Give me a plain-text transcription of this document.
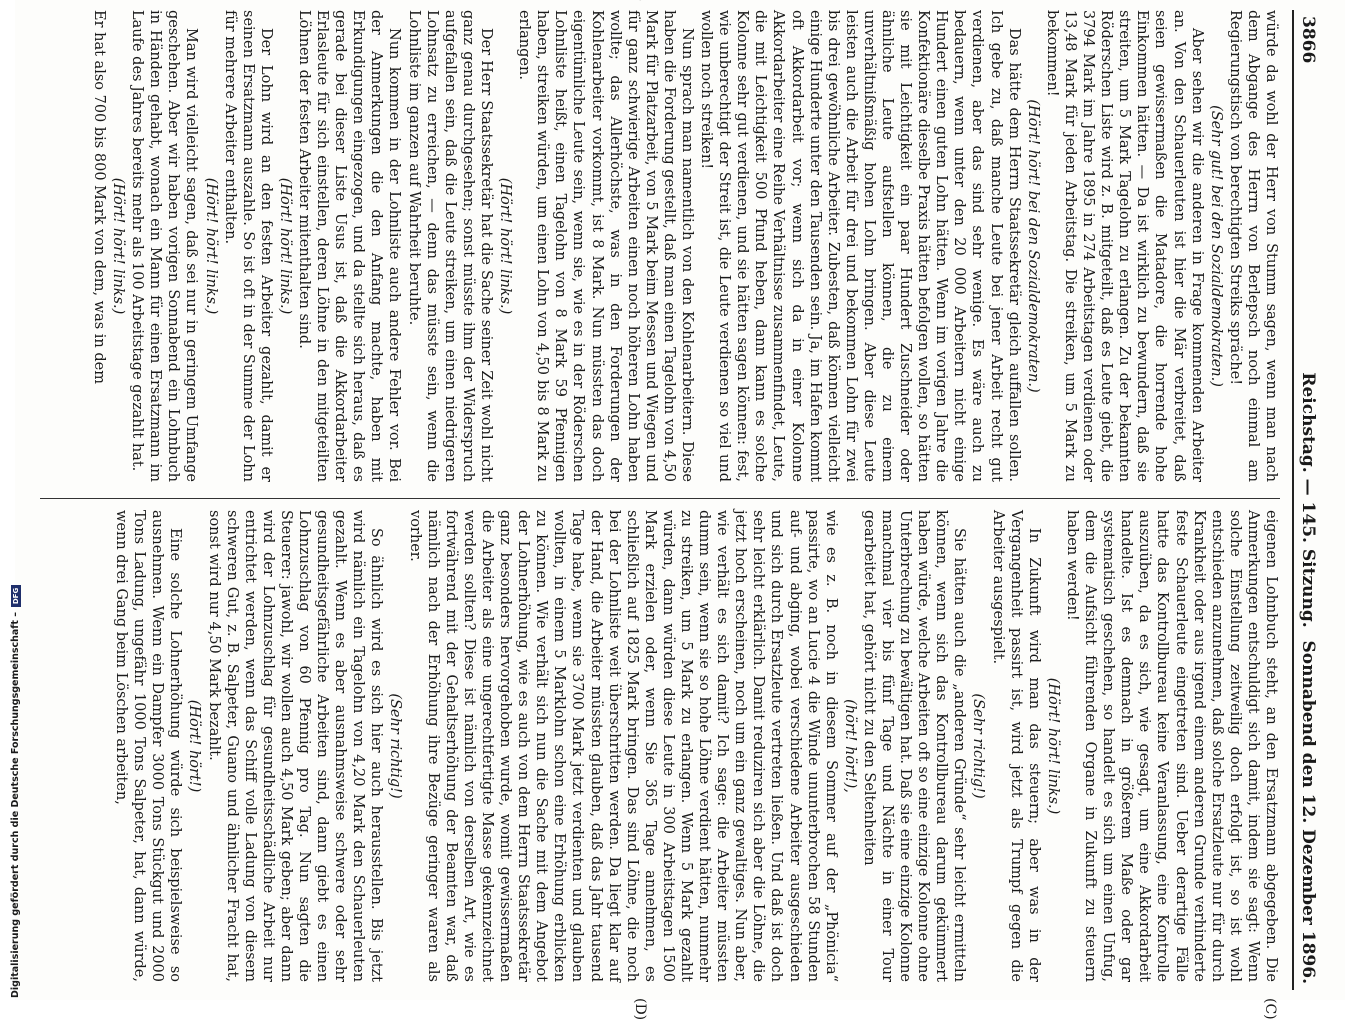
3866
Reichstag. — 145. Sitzung.
Sonnabend den 12. Dezember 1896.

würde da wohl der Herr von Stumm sagen, wenn man nach dem Abgange des Herrn von Berlepsch noch einmal am Regierungstisch von berechtigten Streiks spräche!

(Sehr gut! bei den Sozialdemokraten.)

Aber sehen wir die anderen in Frage kommenden Arbeiter an. Von den Schauerleuten ist hier die Mär verbreitet, daß seien gewissermaßen die Matadore, die horrende hohe Einkommen hätten. — Da ist wirklich zu bewundern, daß sie streiten, um 5 Mark Tagelohn zu erlangen. Zu der bekannten Röderschen Liste wird z. B. mitgeteilt, daß es Leute giebt, die 3794 Mark im Jahre 1895 in 274 Arbeitstagen verdienen oder 13,48 Mark für jeden Arbeitstag. Die streiken, um 5 Mark zu bekommen!

(Hört! hört! bei den Sozialdemokraten.)

Das hätte dem Herrn Staatssekretär gleich auffallen sollen. Ich gebe zu, daß manche Leute bei jener Arbeit recht gut verdienen, aber das sind sehr wenige. Es wäre auch zu bedauern, wenn unter den 20 000 Arbeitern nicht einige Hundert einen guten Lohn hätten. Wenn im vorigen Jahre die Konfektionäre dieselbe Praxis hätten befolgen wollen, so hätten sie mit Leichtigkeit ein paar Hundert Zuschneider oder ähnliche Leute aufstellen können, die zu einem unverhältnißmäßig hohen Lohn bringen. Aber diese Leute leisten auch die Arbeit für drei und bekommen Lohn für zwei bis drei gewöhnliche Arbeiter. Zubesten, daß können vielleicht einige Hunderte unter den Tausenden sein. Ja, im Hafen kommt oft Akkordarbeit vor; wenn sich da in einer Kolonne Akkordarbeiter eine Reihe Verhältnisse zusammenfindet, Leute, die mit Leichtigkeit 500 Pfund heben, dann kann es solche Kolonne sehr gut verdienen, und sie hätten sagen können: fest, wie unberechtigt der Streit ist, die Leute verdienen so viel und wollen noch streiken!

Nun sprach man namentlich von den Kohlenarbeitern. Diese haben die Forderung gestellt, daß man einen Tagelohn von 4,50 Mark für Platzarbeit, von 5 Mark beim Messen und Wiegen und für ganz schwierige Arbeiten einen noch höheren Lohn haben wollte; das Allerhöchste, was in den Forderungen der Kohlenarbeiter vorkommt, ist 8 Mark. Nun müssten das doch eigentümliche Leute sein, wenn sie, wie es in der Röderschen Lohnliste heißt, einen Tagelohn von 8 Mark 59 Pfennigen haben, streiken würden, um einen Lohn von 4,50 bis 8 Mark zu erlangen.

(Hört! hört! links.)

Der Herr Staatssekretär hat die Sache seiner Zeit wohl nicht ganz genau durchgesehen; sonst müsste ihm der Widerspruch aufgefallen sein, daß die Leute streiken, um einen niedrigeren Lohnsatz zu erreichen, — denn das müsste sein, wenn die Lohnliste im ganzen auf Wahrheit beruhte.

Nun kommen in der Lohnliste auch andere Fehler vor. Bei der Anmerkungen die den Anfang machte, haben mit Erkundigungen eingezogen, und da stellte sich heraus, daß es gerade bei dieser Liste Usus ist, daß die Akkordarbeiter Erlasleute für sich einstellen, deren Löhne in den mitgeteilten Löhnen der festen Arbeiter mitenthalten sind.

(Hört! hört! links.)

Der Lohn wird an den festen Arbeiter gezahlt, damit er seinen Ersatzmann auszahle. So ist oft in der Summe der Lohn für mehrere Arbeiter enthalten.

(Hört! hört! links.)

Man wird vielleicht sagen, daß sei nur in geringem Umfange geschehen. Aber wir haben vorigen Sonnabend ein Lohnbuch in Händen gehabt, wonach ein Mann für einen Ersatzmann im Laufe des Jahres bereits mehr als 100 Arbeitstage gezahlt hat.

(Hört! hört! links.)

Er hat also 700 bis 800 Mark von dem, was in dem

eigenen Lohnbuch steht, an den Ersatzmann abgegeben. Die Anmerkungen entschuldigt sich damit, indem sie sagt: Wenn solche Einstellung zeitweilig doch erfolgt ist, so ist wohl entschieden anzunehmen, daß solche Ersatzleute nur für durch Krankheit oder aus irgend einem anderen Grunde verhinderte feste Schauerleute eingetreten sind. Ueber derartige Fälle hatte das Kontrollbureau keine Veranlassung, eine Kontrolle auszuüben, da es sich, wie gesagt, um eine Akkordarbeit handelte. Ist es demnach in größerem Maße oder gar systematisch geschehen, so handelt es sich um einen Unfug, dem die Aufsicht führenden Organe in Zukunft zu steuern haben werden!

(Hört! hört! links.)

In Zukunft wird man das steuern; aber was in der Vergangenheit passirt ist, wird jetzt als Trumpf gegen die Arbeiter ausgespielt.

(Sehr richtig!)

Sie hätten auch die „anderen Gründe“ sehr leicht ermitteln können, wenn sich das Kontrollbureau darum gekümmert haben würde, welche Arbeiten oft so eine einzige Kolonne ohne Unterbrechung zu bewältigen hat. Daß sie eine einzige Kolonne manchmal vier bis fünf Tage und Nächte in einer Tour gearbeitet hat, gehört nicht zu den Seltenheiten

(hört! hört!),

wie es z. B. noch in diesem Sommer auf der „Phönicia“ passirte, wo an Lucie 4 die Winde ununterbrochen 58 Stunden auf- und abging, wobei verschiedene Arbeiter ausgeschieden und sich durch Ersatzleute vertreten ließen. Und daß ist doch sehr leicht erklärlich. Damit reduziren sich aber die Löhne, die jetzt hoch erscheinen, noch um ein ganz gewaltiges. Nun aber, wie verhält es sich damit? Ich sage: die Arbeiter müssten dumm sein, wenn sie so hohe Löhne verdient hätten, nunmehr zu streiken, um 5 Mark zu erlangen. Wenn 5 Mark gezahlt würden, dann würden diese Leute in 300 Arbeitstagen 1500 Mark erzielen oder, wenn Sie 365 Tage annehmen, es schließlich auf 1825 Mark bringen. Das sind Löhne, die noch bei der Lohnliste weit überschritten werden. Da liegt klar auf der Hand, die Arbeiter müssten glauben, daß das Jahr tausend Tage habe, wenn sie 3700 Mark jetzt verdienten und glauben wollten, in einem 5 Marklohn schon eine Erhöhung erblicken zu können. Wie verhält sich nun die Sache mit dem Angebot der Lohnerhöhung, wie es auch von dem Herrn Staatssekretär ganz besonders hervorgehoben wurde, womit gewissermaßen die Arbeiter als eine ungerechtfertigte Masse gekennzeichnet werden sollten? Diese ist nämlich von derselben Art, wie es fortwährend mit der Gehaltserhöhung der Beamten war, daß nämlich nach der Erhöhung ihre Bezüge geringer waren als vorher.

(Sehr richtig!)

So ähnlich wird es sich hier auch herausstellen. Bis jetzt wird nämlich ein Tagelohn von 4,20 Mark den Schauerleuten gezahlt. Wenn es aber ausnahmsweise schwere oder sehr gesundheitsgefährliche Arbeiten sind, dann giebt es einen Lohnzuschlag von 60 Pfennig pro Tag. Nun sagten die Steuerer: jawohl, wir wollen auch 4,50 Mark geben; aber dann wird der Lohnzuschlag für gesundheitsschädliche Arbeit nur entrichtet werden, wenn das Schiff volle Ladung von diesem schweren Gut, z. B. Salpeter, Guano und ähnlicher Fracht hat, sonst wird nur 4,50 Mark bezahlt.

(Hört! hört!)

Eine solche Lohnerhöhung würde sich beispielsweise so ausnehmen. Wenn ein Dampfer 3000 Tons Stückgut und 2000 Tons Ladung, ungefähr 1000 Tons Salpeter, hat, dann würde, wenn drei Gang beim Löschen arbeiten,

(C)
(D)
Digitalisierung gefördert durch die Deutsche Forschungsgemeinschaft –
DFG
